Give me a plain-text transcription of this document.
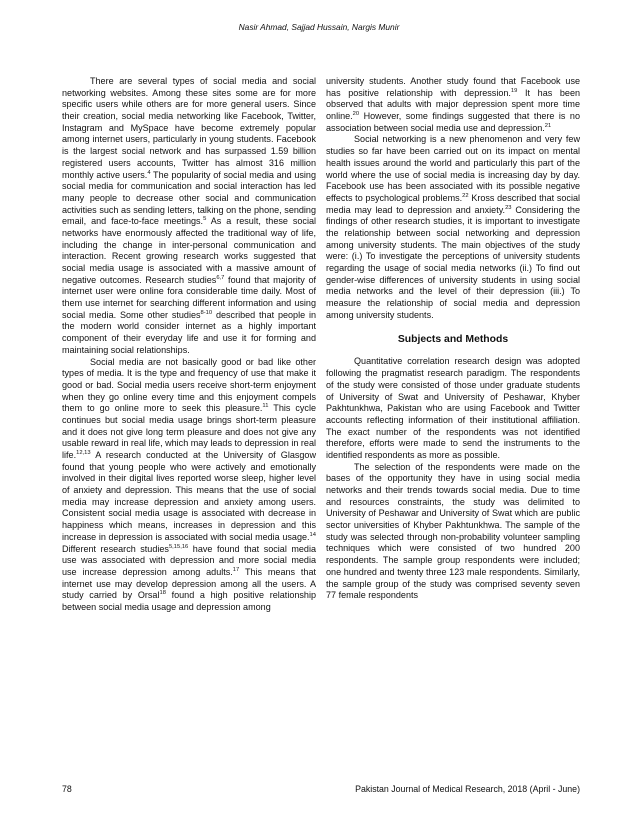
Nasir Ahmad, Sajjad Hussain, Nargis Munir

There are several types of social media and social networking websites. Among these sites some are for more specific users while others are for more general users. Since their creation, social media networking like Facebook, Twitter, Instagram and MySpace have become extremely popular among internet users, particularly in young students. Facebook is the largest social network and has surpassed 1.59 billion registered users accounts, Twitter has almost 316 million monthly active users.$^4$ The popularity of social media and using social media for communication and social interaction has led many people to decrease other social and communication activities such as sending letters, talking on the phone, sending email, and face-to-face meetings.$^5$ As a result, these social networks have enormously affected the traditional way of life, including the change in inter-personal communication and interaction. Recent growing research works suggested that social media usage is associated with a massive amount of negative outcomes. Research studies$^{6,7}$ found that majority of internet user were online fora considerable time daily. Most of them use internet for searching different information and using social media. Some other studies$^{8-10}$ described that people in the modern world consider internet as a highly important component of their everyday life and use it for forming and maintaining social relationships.

Social media are not basically good or bad like other types of media. It is the type and frequency of use that make it good or bad. Social media users receive short-term enjoyment when they go online every time and this enjoyment compels them to go online more to seek this pleasure.$^{11}$ This cycle continues but social media usage brings short-term pleasure and it does not give long term pleasure and does not give any usable reward in real life, which may leads to depression in real life.$^{12,13}$ A research conducted at the University of Glasgow found that young people who were actively and emotionally involved in their digital lives reported worse sleep, higher level of anxiety and depression. This means that the use of social media may increase depression and anxiety among users. Consistent social media usage is associated with decrease in happiness which means, increases in depression and this increase in depression is associated with social media usage.$^{14}$ Different research studies$^{5,15,16}$ have found that social media use was associated with depression and more social media use increase depression among adults.$^{17}$ This means that internet use may develop depression among all the users. A study carried by Orsal$^{18}$ found a high positive relationship between social media usage and depression among

university students. Another study found that Facebook use has positive relationship with depression.$^{19}$ It has been observed that adults with major depression spent more time online.$^{20}$ However, some findings suggested that there is no association between social media use and depression.$^{21}$

Social networking is a new phenomenon and very few studies so far have been carried out on its impact on mental health issues around the world and particularly this part of the world where the use of social media is increasing day by day. Facebook use has been associated with its possible negative effects to psychological problems.$^{22}$ Kross described that social media may lead to depression and anxiety.$^{23}$ Considering the findings of other research studies, it is important to investigate the relationship between social networking and depression among university students. The main objectives of the study were: (i.) To investigate the perceptions of university students regarding the usage of social media networks (ii.) To find out gender-wise differences of university students in using social media networks and the level of their depression (iii.) To measure the relationship of social media and depression among university students.

Subjects and Methods

Quantitative correlation research design was adopted following the pragmatist research paradigm. The respondents of the study were consisted of those under graduate students of University of Swat and University of Peshawar, Khyber Pakhtunkhwa, Pakistan who are using Facebook and Twitter accounts reflecting information of their institutional affiliation. The exact number of the respondents was not identified therefore, efforts were made to send the instruments to the identified respondents as more as possible.

The selection of the respondents were made on the bases of the opportunity they have in using social media networks and their trends towards social media. Due to time and resources constraints, the study was delimited to University of Peshawar and University of Swat which are public sector universities of Khyber Pakhtunkhwa. The sample of the study was selected through non-probability volunteer sampling techniques which were consisted of two hundred 200 respondents. The sample group respondents were included; one hundred and twenty three 123 male respondents. Similarly, the sample group of the study was comprised seventy seven 77 female respondents

78	Pakistan Journal of Medical Research, 2018 (April - June)
